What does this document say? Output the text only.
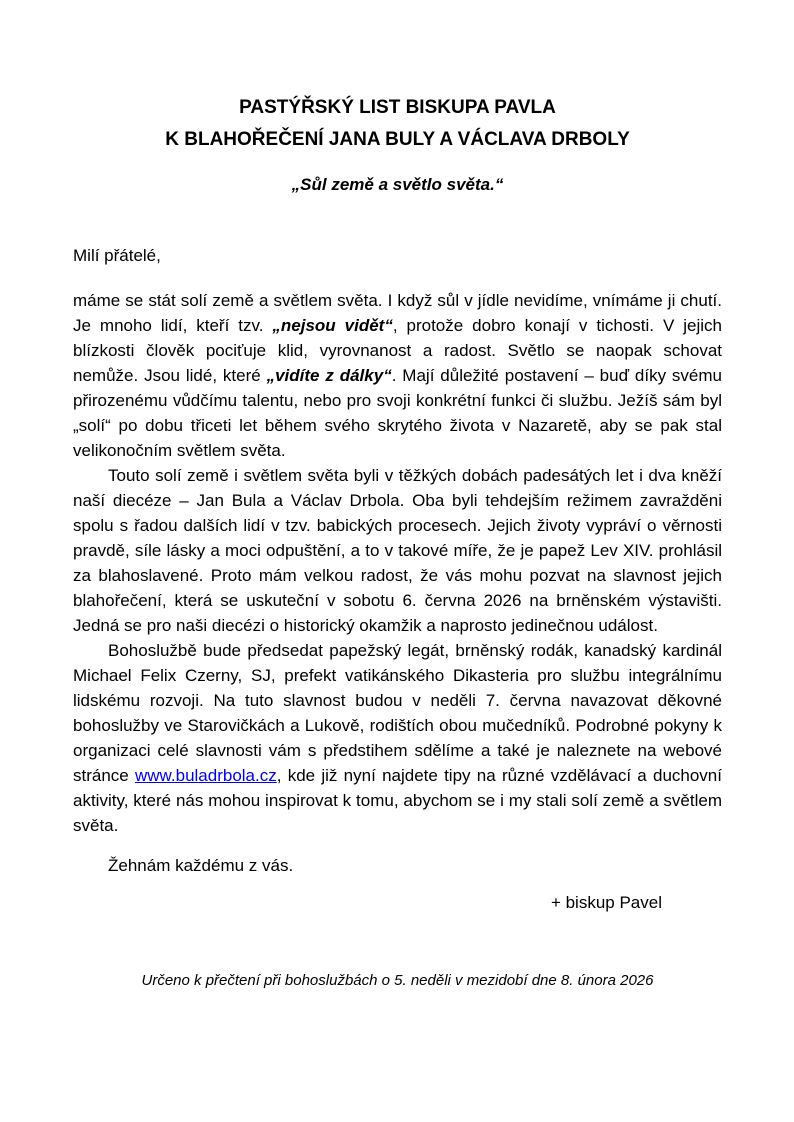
PASTÝŘSKÝ LIST BISKUPA PAVLA
K BLAHOŘEČENÍ JANA BULY A VÁCLAVA DRBOLY
„Sůl země a světlo světa.“
Milí přátelé,

máme se stát solí země a světlem světa. I když sůl v jídle nevidíme, vnímáme ji chutí. Je mnoho lidí, kteří tzv. „nejsou vidět“, protože dobro konají v tichosti. V jejich blízkosti člověk pociťuje klid, vyrovnanost a radost. Světlo se naopak schovat nemůže. Jsou lidé, které „vidíte z dálky“. Mají důležité postavení – buď díky svému přirozenému vůdčímu talentu, nebo pro svoji konkrétní funkci či službu. Ježíš sám byl „solí“ po dobu třiceti let během svého skrytého života v Nazaretě, aby se pak stal velikonočním světlem světa.

Touto solí země i světlem světa byli v těžkých dobách padesátých let i dva kněží naší diecéze – Jan Bula a Václav Drbola. Oba byli tehdejším režimem zavražděni spolu s řadou dalších lidí v tzv. babických procesech. Jejich životy vypráví o věrnosti pravdě, síle lásky a moci odpuštění, a to v takové míře, že je papež Lev XIV. prohlásil za blahoslavené. Proto mám velkou radost, že vás mohu pozvat na slavnost jejich blahořečení, která se uskuteční v sobotu 6. června 2026 na brněnském výstavišti. Jedná se pro naši diecézi o historický okamžik a naprosto jedinečnou událost.

Bohoslužbě bude předsedat papežský legát, brněnský rodák, kanadský kardinál Michael Felix Czerny, SJ, prefekt vatikánského Dikasteria pro službu integrálnímu lidskému rozvoji. Na tuto slavnost budou v neděli 7. června navazovat děkovné bohoslužby ve Starovičkách a Lukově, rodištích obou mučedníků. Podrobné pokyny k organizaci celé slavnosti vám s předstihem sdělíme a také je naleznete na webové stránce www.buladrbola.cz, kde již nyní najdete tipy na různé vzdělávací a duchovní aktivity, které nás mohou inspirovat k tomu, abychom se i my stali solí země a světlem světa.

Žehnám každému z vás.
+ biskup Pavel
Určeno k přečtení při bohoslužbách o 5. neděli v mezidobí dne 8. února 2026
